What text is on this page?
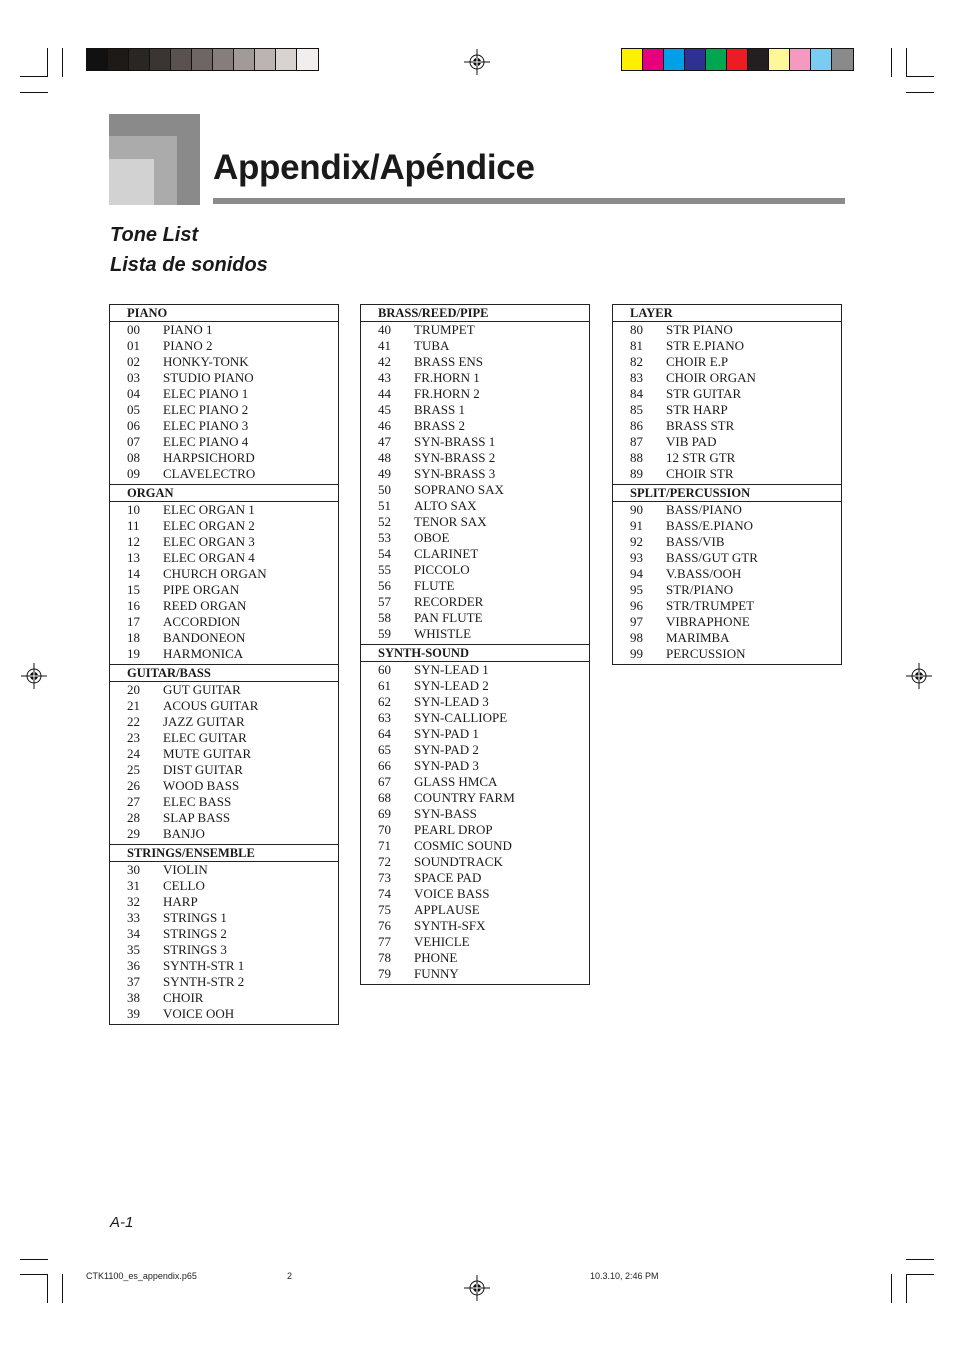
Appendix/Apéndice
Tone List
Lista de sonidos
PIANO
00	PIANO 1
01	PIANO 2
02	HONKY-TONK
03	STUDIO PIANO
04	ELEC PIANO 1
05	ELEC PIANO 2
06	ELEC PIANO 3
07	ELEC PIANO 4
08	HARPSICHORD
09	CLAVELECTRO
ORGAN
10	ELEC ORGAN 1
11	ELEC ORGAN 2
12	ELEC ORGAN 3
13	ELEC ORGAN 4
14	CHURCH ORGAN
15	PIPE ORGAN
16	REED ORGAN
17	ACCORDION
18	BANDONEON
19	HARMONICA
GUITAR/BASS
20	GUT GUITAR
21	ACOUS GUITAR
22	JAZZ GUITAR
23	ELEC GUITAR
24	MUTE GUITAR
25	DIST GUITAR
26	WOOD BASS
27	ELEC BASS
28	SLAP BASS
29	BANJO
STRINGS/ENSEMBLE
30	VIOLIN
31	CELLO
32	HARP
33	STRINGS 1
34	STRINGS 2
35	STRINGS 3
36	SYNTH-STR 1
37	SYNTH-STR 2
38	CHOIR
39	VOICE OOH
BRASS/REED/PIPE
40	TRUMPET
41	TUBA
42	BRASS ENS
43	FR.HORN 1
44	FR.HORN 2
45	BRASS 1
46	BRASS 2
47	SYN-BRASS 1
48	SYN-BRASS 2
49	SYN-BRASS 3
50	SOPRANO SAX
51	ALTO SAX
52	TENOR SAX
53	OBOE
54	CLARINET
55	PICCOLO
56	FLUTE
57	RECORDER
58	PAN FLUTE
59	WHISTLE
SYNTH-SOUND
60	SYN-LEAD 1
61	SYN-LEAD 2
62	SYN-LEAD 3
63	SYN-CALLIOPE
64	SYN-PAD 1
65	SYN-PAD 2
66	SYN-PAD 3
67	GLASS HMCA
68	COUNTRY FARM
69	SYN-BASS
70	PEARL DROP
71	COSMIC SOUND
72	SOUNDTRACK
73	SPACE PAD
74	VOICE BASS
75	APPLAUSE
76	SYNTH-SFX
77	VEHICLE
78	PHONE
79	FUNNY
LAYER
80	STR PIANO
81	STR E.PIANO
82	CHOIR E.P
83	CHOIR ORGAN
84	STR GUITAR
85	STR HARP
86	BRASS STR
87	VIB PAD
88	12 STR GTR
89	CHOIR STR
SPLIT/PERCUSSION
90	BASS/PIANO
91	BASS/E.PIANO
92	BASS/VIB
93	BASS/GUT GTR
94	V.BASS/OOH
95	STR/PIANO
96	STR/TRUMPET
97	VIBRAPHONE
98	MARIMBA
99	PERCUSSION
A-1
CTK1100_es_appendix.p65	2	10.3.10, 2:46 PM
